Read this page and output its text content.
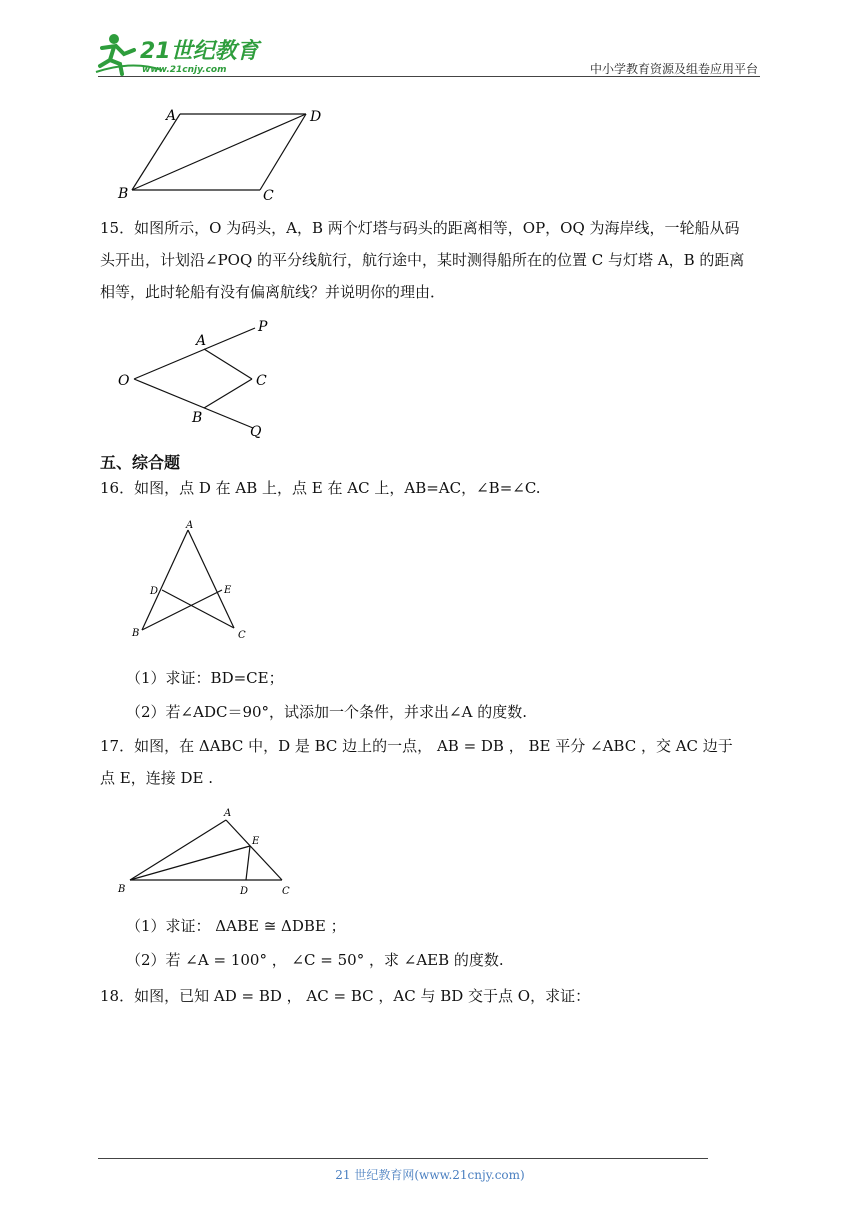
21世纪教育
www.21cnjy.com	中小学教育资源及组卷应用平台
A	D
B	C
15．如图所示，O 为码头，A，B 两个灯塔与码头的距离相等，OP，OQ 为海岸线，一轮船从码
头开出，计划沿∠POQ 的平分线航行，航行途中，某时测得船所在的位置 C 与灯塔 A，B 的距离
相等，此时轮船有没有偏离航线？并说明你的理由．
A
P
O	C
B
Q
五、综合题
16．如图，点 D 在 AB 上，点 E 在 AC 上，AB=AC，∠B=∠C.
A
D	E
B	C
（1）求证：BD=CE；
（2）若∠ADC＝90°，试添加一个条件，并求出∠A 的度数.
17．如图，在 ΔABC 中，D 是 BC 边上的一点， AB = DB ， BE 平分 ∠ABC ，交 AC 边于
点 E，连接 DE .
A
E
B	D	C
（1）求证： ΔABE ≅ ΔDBE ；
（2）若 ∠A = 100° ， ∠C = 50° ，求 ∠AEB 的度数.
18．如图，已知 AD = BD ， AC = BC ，AC 与 BD 交于点 O，求证：
21 世纪教育网(www.21cnjy.com)
